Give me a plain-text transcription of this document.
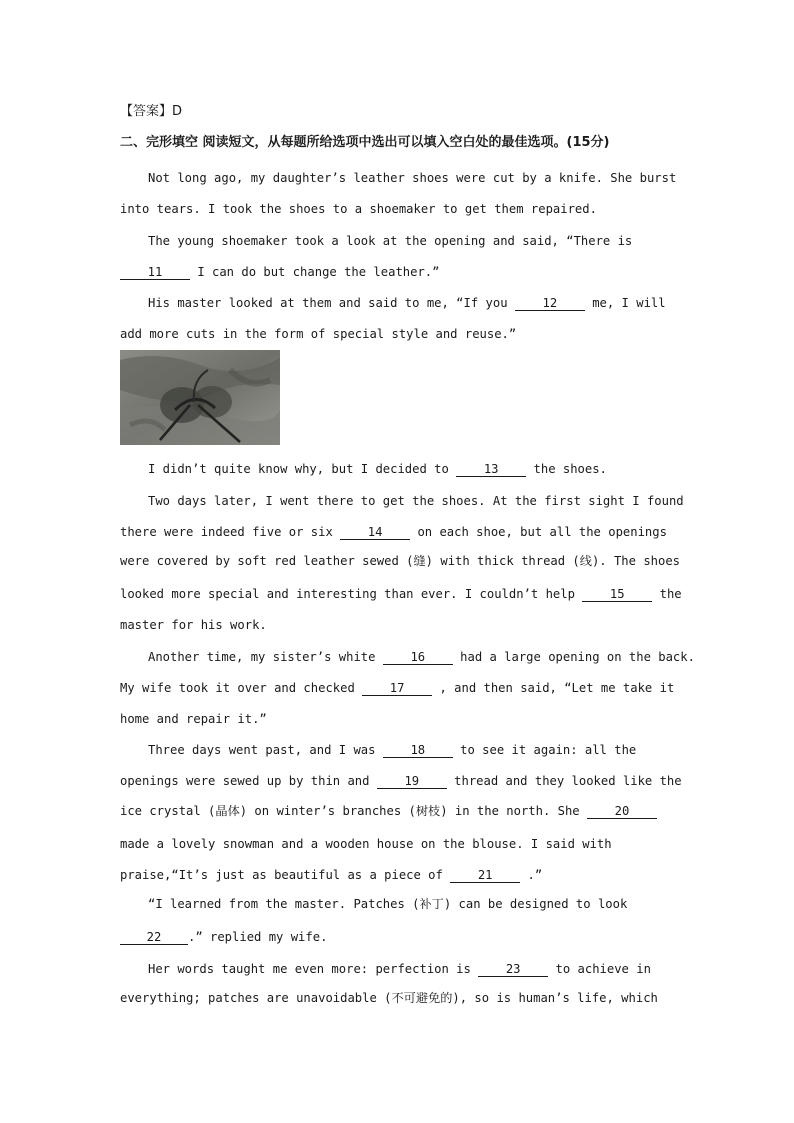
【答案】D
二、完形填空 阅读短文，从每题所给选项中选出可以填入空白处的最佳选项。(15分)
Not long ago, my daughter’s leather shoes were cut by a knife. She burst
into tears. I took the shoes to a shoemaker to get them repaired.
The young shoemaker took a look at the opening and said, “There is
11 I can do but change the leather.”
His master looked at them and said to me, “If you 12 me, I will
add more cuts in the form of special style and reuse.”
I didn’t quite know why, but I decided to 13 the shoes.
Two days later, I went there to get the shoes. At the first sight I found
there were indeed five or six 14 on each shoe, but all the openings
were covered by soft red leather sewed (缝) with thick thread (线). The shoes
looked more special and interesting than ever. I couldn’t help 15 the
master for his work.
Another time, my sister’s white 16 had a large opening on the back.
My wife took it over and checked 17 , and then said, “Let me take it
home and repair it.”
Three days went past, and I was 18 to see it again: all the
openings were sewed up by thin and 19 thread and they looked like the
ice crystal (晶体) on winter’s branches (树枝) in the north. She 20
made a lovely snowman and a wooden house on the blouse. I said with
praise,“It’s just as beautiful as a piece of 21 .”
“I learned from the master. Patches (补丁) can be designed to look
22 .” replied my wife.
Her words taught me even more: perfection is 23 to achieve in
everything; patches are unavoidable (不可避免的), so is human’s life, which
